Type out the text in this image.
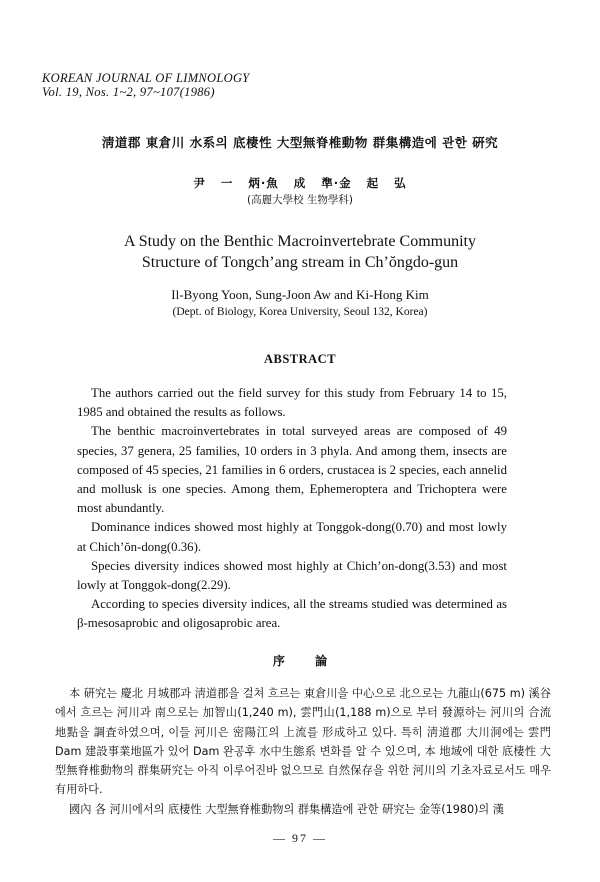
KOREAN JOURNAL OF LIMNOLOGY
Vol. 19, Nos. 1~2, 97~107(1986)
淸道郡 東倉川 水系의 底棲性 大型無脊椎動物 群集構造에 관한 硏究
尹 一 炳·魚 成 準·金 起 弘
(高麗大學校 生物學科)
A Study on the Benthic Macroinvertebrate Community
Structure of Tongch’ang stream in Ch’ŏngdo-gun
Il-Byong Yoon, Sung-Joon Aw and Ki-Hong Kim
(Dept. of Biology, Korea University, Seoul 132, Korea)
ABSTRACT

The authors carried out the field survey for this study from February 14 to 15, 1985 and obtained the results as follows.

The benthic macroinvertebrates in total surveyed areas are composed of 49 species, 37 genera, 25 families, 10 orders in 3 phyla. And among them, insects are composed of 45 species, 21 families in 6 orders, crustacea is 2 species, each annelid and mollusk is one species. Among them, Ephemeroptera and Trichoptera were most abundantly.

Dominance indices showed most highly at Tonggok-dong(0.70) and most lowly at Chich’ŏn-dong(0.36).

Species diversity indices showed most highly at Chich’on-dong(3.53) and most lowly at Tonggok-dong(2.29).

According to species diversity indices, all the streams studied was determined as β-mesosaprobic and oligosaprobic area.

序 論

本 硏究는 慶北 月城郡과 淸道郡을 걸쳐 흐르는 東倉川을 中心으로 北으로는 九龍山(675 m) 溪谷에서 흐르는 河川과 南으로는 加智山(1,240 m), 雲門山(1,188 m)으로 부터 發源하는 河川의 合流地點을 調査하였으며, 이들 河川은 密陽江의 上流를 形成하고 있다. 특히 淸道郡 大川洞에는 雲門 Dam 建設事業地區가 있어 Dam 완공후 水中生態系 변화를 알 수 있으며, 本 地域에 대한 底棲性 大型無脊椎動物의 群集硏究는 아직 이루어진바 없으므로 自然保存을 위한 河川의 기초자료로서도 매우 有用하다.

國內 各 河川에서의 底棲性 大型無脊椎動物의 群集構造에 관한 硏究는 金等(1980)의 漢

— 97 —
